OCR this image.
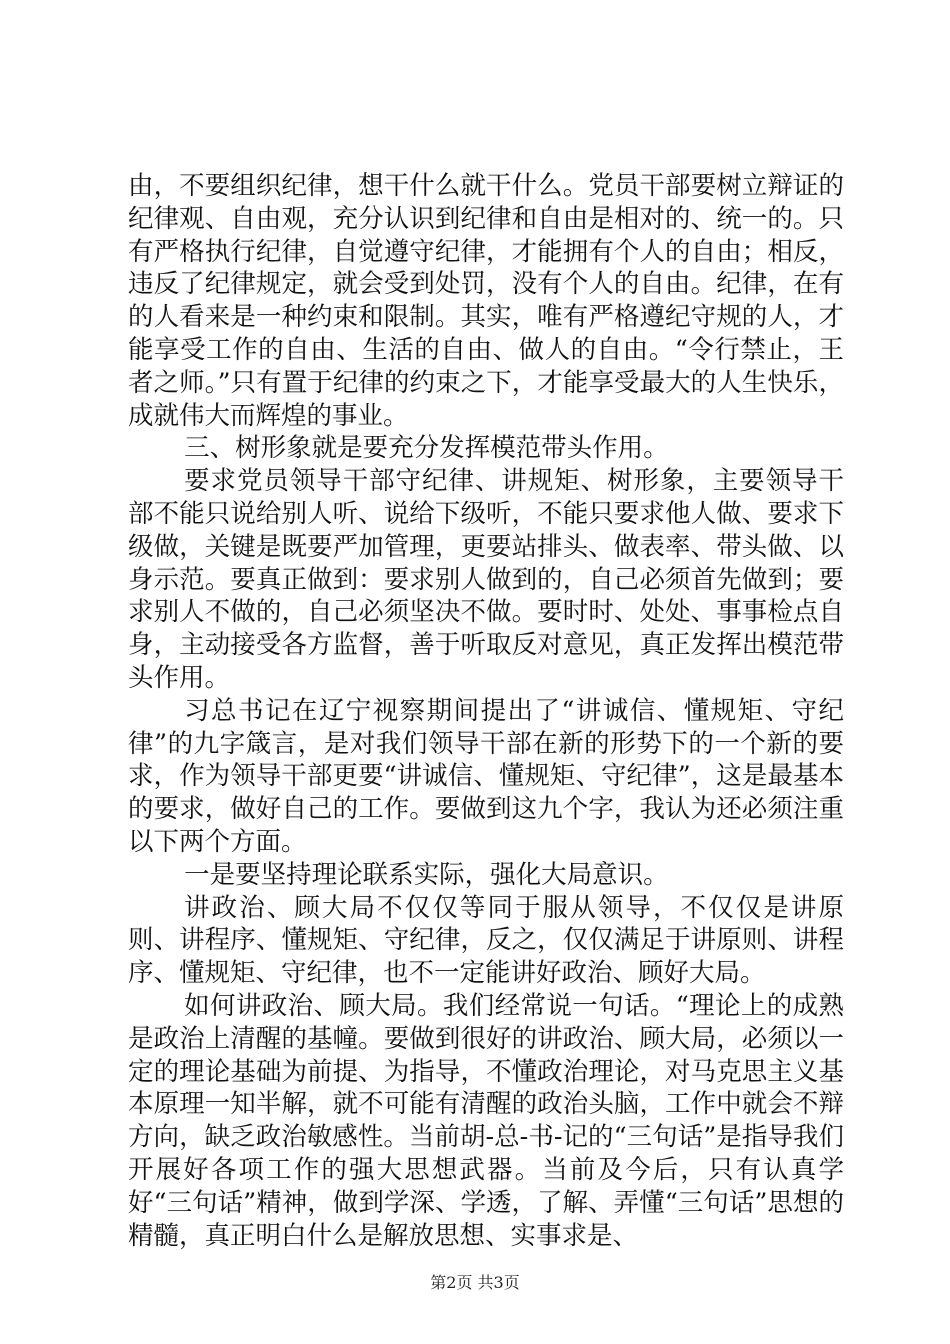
由，不要组织纪律，想干什么就干什么。党员干部要树立辩证的纪律观、自由观，充分认识到纪律和自由是相对的、统一的。只有严格执行纪律，自觉遵守纪律，才能拥有个人的自由；相反，违反了纪律规定，就会受到处罚，没有个人的自由。纪律，在有的人看来是一种约束和限制。其实，唯有严格遵纪守规的人，才能享受工作的自由、生活的自由、做人的自由。“令行禁止，王者之师。”只有置于纪律的约束之下，才能享受最大的人生快乐，成就伟大而辉煌的事业。

三、树形象就是要充分发挥模范带头作用。

要求党员领导干部守纪律、讲规矩、树形象，主要领导干部不能只说给别人听、说给下级听，不能只要求他人做、要求下级做，关键是既要严加管理，更要站排头、做表率、带头做、以身示范。要真正做到：要求别人做到的，自己必须首先做到；要求别人不做的，自己必须坚决不做。要时时、处处、事事检点自身，主动接受各方监督，善于听取反对意见，真正发挥出模范带头作用。

习总书记在辽宁视察期间提出了“讲诚信、懂规矩、守纪律”的九字箴言，是对我们领导干部在新的形势下的一个新的要求，作为领导干部更要“讲诚信、懂规矩、守纪律”，这是最基本的要求，做好自己的工作。要做到这九个字，我认为还必须注重以下两个方面。

一是要坚持理论联系实际，强化大局意识。

讲政治、顾大局不仅仅等同于服从领导，不仅仅是讲原则、讲程序、懂规矩、守纪律，反之，仅仅满足于讲原则、讲程序、懂规矩、守纪律，也不一定能讲好政治、顾好大局。

如何讲政治、顾大局。我们经常说一句话。“理论上的成熟是政治上清醒的基幢。要做到很好的讲政治、顾大局，必须以一定的理论基础为前提、为指导，不懂政治理论，对马克思主义基本原理一知半解，就不可能有清醒的政治头脑，工作中就会不辩方向，缺乏政治敏感性。当前胡-总-书-记的“三句话”是指导我们开展好各项工作的强大思想武器。当前及今后，只有认真学好“三句话”精神，做到学深、学透，了解、弄懂“三句话”思想的精髓，真正明白什么是解放思想、实事求是、

第2页 共3页
